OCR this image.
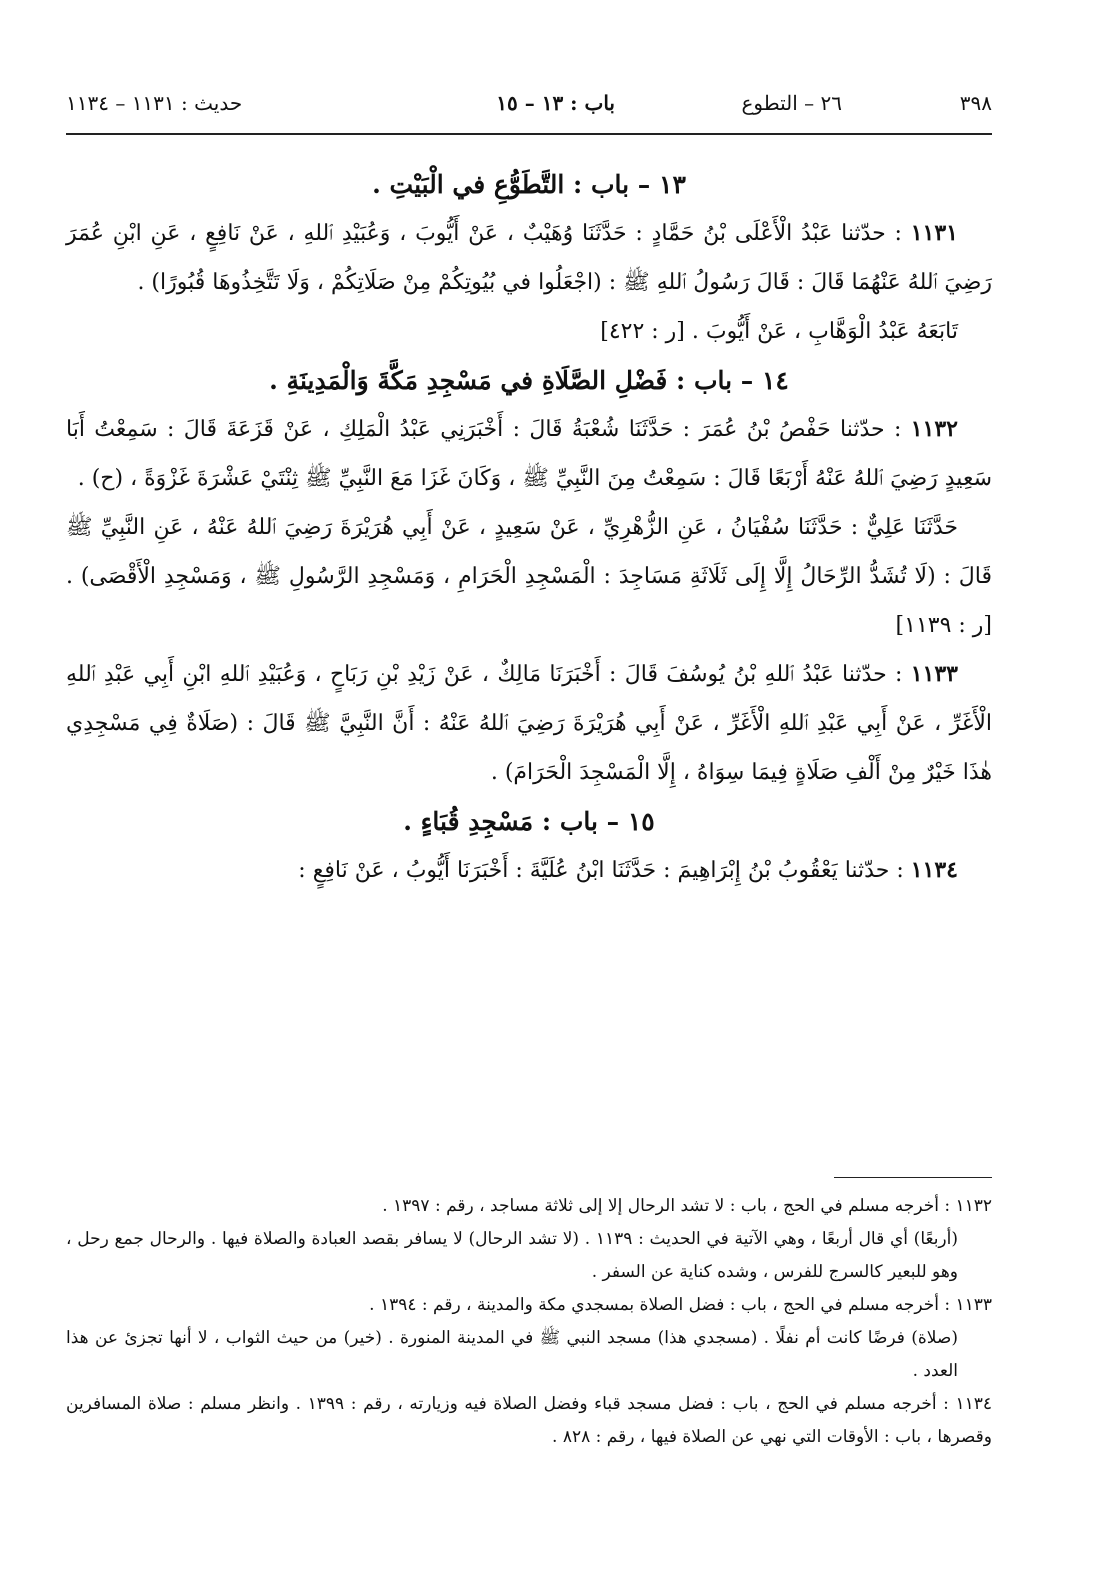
٣٩٨
٢٦ – التطوع
باب : ١٣ – ١٥
حديث : ١١٣١ – ١١٣٤

١٣ – باب : التَّطَوُّعِ في الْبَيْتِ .

١١٣١ : حدّثنا عَبْدُ الْأَعْلَى بْنُ حَمَّادٍ : حَدَّثَنَا وُهَيْبٌ ، عَنْ أَيُّوبَ ، وَعُبَيْدِ ٱللهِ ، عَنْ نَافِعٍ ، عَنِ ابْنِ عُمَرَ رَضِيَ ٱللهُ عَنْهُمَا قَالَ : قَالَ رَسُولُ ٱللهِ ﷺ : (اجْعَلُوا في بُيُوتِكُمْ مِنْ صَلَاتِكُمْ ، وَلَا تَتَّخِذُوهَا قُبُورًا) .

تَابَعَهُ عَبْدُ الْوَهَّابِ ، عَنْ أَيُّوبَ . [ر : ٤٢٢]

١٤ – باب : فَضْلِ الصَّلَاةِ في مَسْجِدِ مَكَّةَ وَالْمَدِينَةِ .

١١٣٢ : حدّثنا حَفْصُ بْنُ عُمَرَ : حَدَّثَنَا شُعْبَةُ قَالَ : أَخْبَرَنِي عَبْدُ الْمَلِكِ ، عَنْ قَزَعَةَ قَالَ : سَمِعْتُ أَبَا سَعِيدٍ رَضِيَ ٱللهُ عَنْهُ أَرْبَعًا قَالَ : سَمِعْتُ مِنَ النَّبِيِّ ﷺ ، وَكَانَ غَزَا مَعَ النَّبِيِّ ﷺ ثِنْتَيْ عَشْرَةَ غَزْوَةً ، (ح) .

حَدَّثَنَا عَلِيٌّ : حَدَّثَنَا سُفْيَانُ ، عَنِ الزُّهْرِيِّ ، عَنْ سَعِيدٍ ، عَنْ أَبِي هُرَيْرَةَ رَضِيَ ٱللهُ عَنْهُ ، عَنِ النَّبِيِّ ﷺ قَالَ : (لَا تُشَدُّ الرِّحَالُ إِلَّا إِلَى ثَلَاثَةِ مَسَاجِدَ : الْمَسْجِدِ الْحَرَامِ ، وَمَسْجِدِ الرَّسُولِ ﷺ ، وَمَسْجِدِ الْأَقْصَى) . [ر : ١١٣٩]

١١٣٣ : حدّثنا عَبْدُ ٱللهِ بْنُ يُوسُفَ قَالَ : أَخْبَرَنَا مَالِكٌ ، عَنْ زَيْدِ بْنِ رَبَاحٍ ، وَعُبَيْدِ ٱللهِ ابْنِ أَبِي عَبْدِ ٱللهِ الْأَغَرِّ ، عَنْ أَبِي عَبْدِ ٱللهِ الْأَغَرِّ ، عَنْ أَبِي هُرَيْرَةَ رَضِيَ ٱللهُ عَنْهُ : أَنَّ النَّبِيَّ ﷺ قَالَ : (صَلَاةٌ فِي مَسْجِدِي هٰذَا خَيْرٌ مِنْ أَلْفِ صَلَاةٍ فِيمَا سِوَاهُ ، إِلَّا الْمَسْجِدَ الْحَرَامَ) .

١٥ – باب : مَسْجِدِ قُبَاءٍ .

١١٣٤ : حدّثنا يَعْقُوبُ بْنُ إِبْرَاهِيمَ : حَدَّثَنَا ابْنُ عُلَيَّةَ : أَخْبَرَنَا أَيُّوبُ ، عَنْ نَافِعٍ :

١١٣٢ : أخرجه مسلم في الحج ، باب : لا تشد الرحال إلا إلى ثلاثة مساجد ، رقم : ١٣٩٧ .

(أربعًا) أي قال أربعًا ، وهي الآتية في الحديث : ١١٣٩ . (لا تشد الرحال) لا يسافر بقصد العبادة والصلاة فيها . والرحال جمع رحل ، وهو للبعير كالسرج للفرس ، وشده كناية عن السفر .

١١٣٣ : أخرجه مسلم في الحج ، باب : فضل الصلاة بمسجدي مكة والمدينة ، رقم : ١٣٩٤ .

(صلاة) فرضًا كانت أم نفلًا . (مسجدي هذا) مسجد النبي ﷺ في المدينة المنورة . (خير) من حيث الثواب ، لا أنها تجزئ عن هذا العدد .

١١٣٤ : أخرجه مسلم في الحج ، باب : فضل مسجد قباء وفضل الصلاة فيه وزيارته ، رقم : ١٣٩٩ . وانظر مسلم : صلاة المسافرين وقصرها ، باب : الأوقات التي نهي عن الصلاة فيها ، رقم : ٨٢٨ .
